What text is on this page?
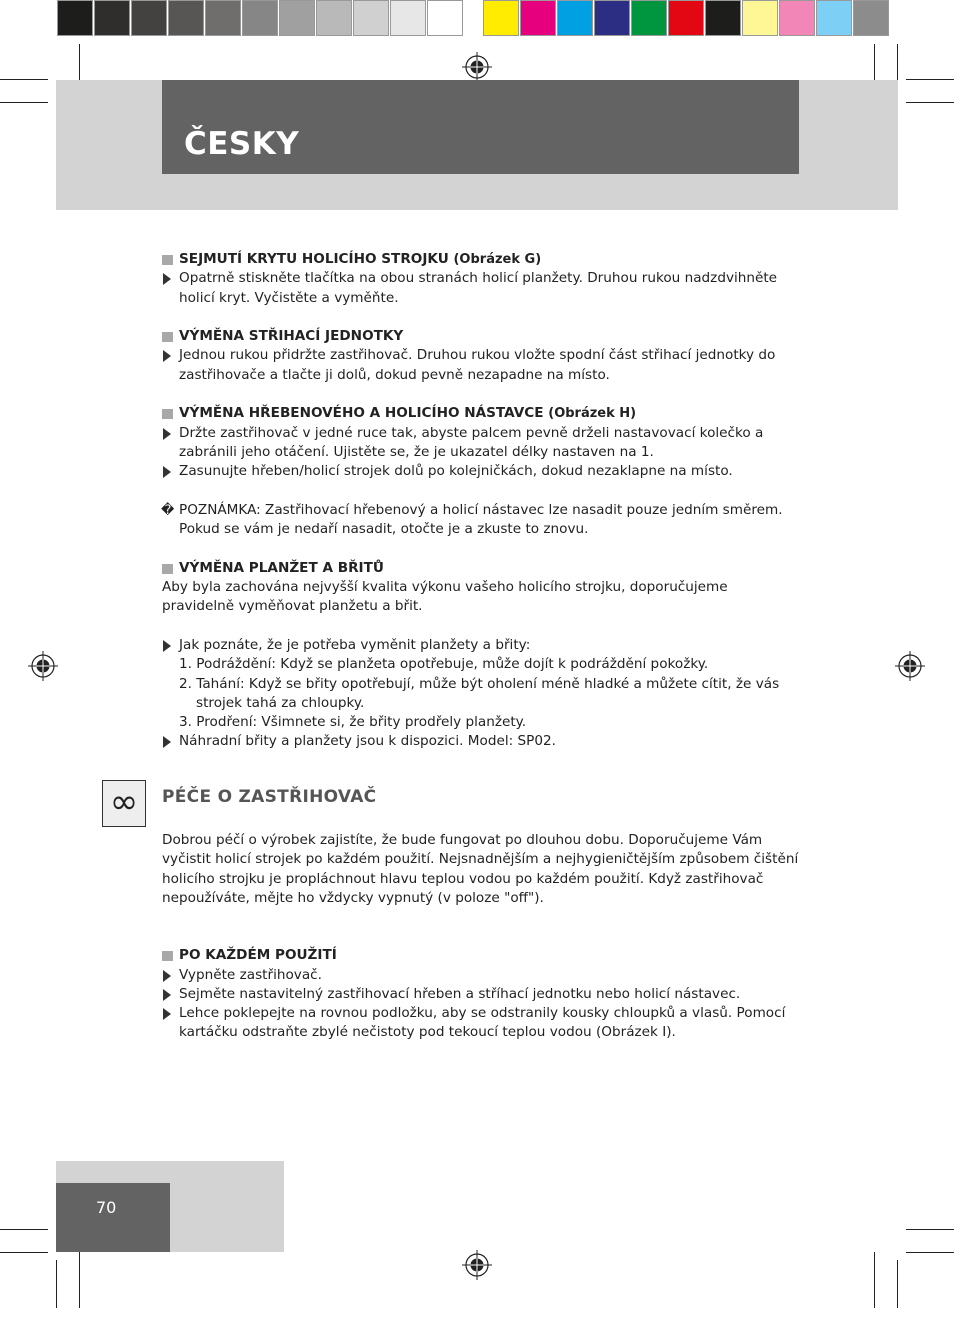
ČESKY
SEJMUTÍ KRYTU HOLICÍHO STROJKU (Obrázek G)
Opatrně stiskněte tlačítka na obou stranách holicí planžety. Druhou rukou nadzdvihněte holicí kryt. Vyčistěte a vyměňte.
VÝMĚNA STŘIHACÍ JEDNOTKY
Jednou rukou přidržte zastřihovač. Druhou rukou vložte spodní část střihací jednotky do zastřihovače a tlačte ji dolů, dokud pevně nezapadne na místo.
VÝMĚNA HŘEBENOVÉHO A HOLICÍHO NÁSTAVCE (Obrázek H)
Držte zastřihovač v jedné ruce tak, abyste palcem pevně drželi nastavovací kolečko a zabránili jeho otáčení. Ujistěte se, že je ukazatel délky nastaven na 1.
Zasunujte hřeben/holicí strojek dolů po kolejničkách, dokud nezaklapne na místo.
� POZNÁMKA: Zastřihovací hřebenový a holicí nástavec lze nasadit pouze jedním směrem. Pokud se vám je nedaří nasadit, otočte je a zkuste to znovu.
VÝMĚNA PLANŽET A BŘITŮ
Aby byla zachována nejvyšší kvalita výkonu vašeho holicího strojku, doporučujeme pravidelně vyměňovat planžetu a břit.
Jak poznáte, že je potřeba vyměnit planžety a břity:
1. Podráždění: Když se planžeta opotřebuje, může dojít k podráždění pokožky.
2. Tahání: Když se břity opotřebují, může být oholení méně hladké a můžete cítit, že vás
strojek tahá za chloupky.
3. Prodření: Všimnete si, že břity prodřely planžety.
Náhradní břity a planžety jsou k dispozici. Model: SP02.
PÉČE O ZASTŘIHOVAČ
Dobrou péčí o výrobek zajistíte, že bude fungovat po dlouhou dobu. Doporučujeme Vám vyčistit holicí strojek po každém použití. Nejsnadnějším a nejhygieničtějším způsobem čištění holicího strojku je propláchnout hlavu teplou vodou po každém použití. Když zastřihovač nepoužíváte, mějte ho vždycky vypnutý (v poloze "off").
PO KAŽDÉM POUŽITÍ
Vypněte zastřihovač.
Sejměte nastavitelný zastřihovací hřeben a stříhací jednotku nebo holicí nástavec.
Lehce poklepejte na rovnou podložku, aby se odstranily kousky chloupků a vlasů. Pomocí kartáčku odstraňte zbylé nečistoty pod tekoucí teplou vodou (Obrázek I).
∞
70
